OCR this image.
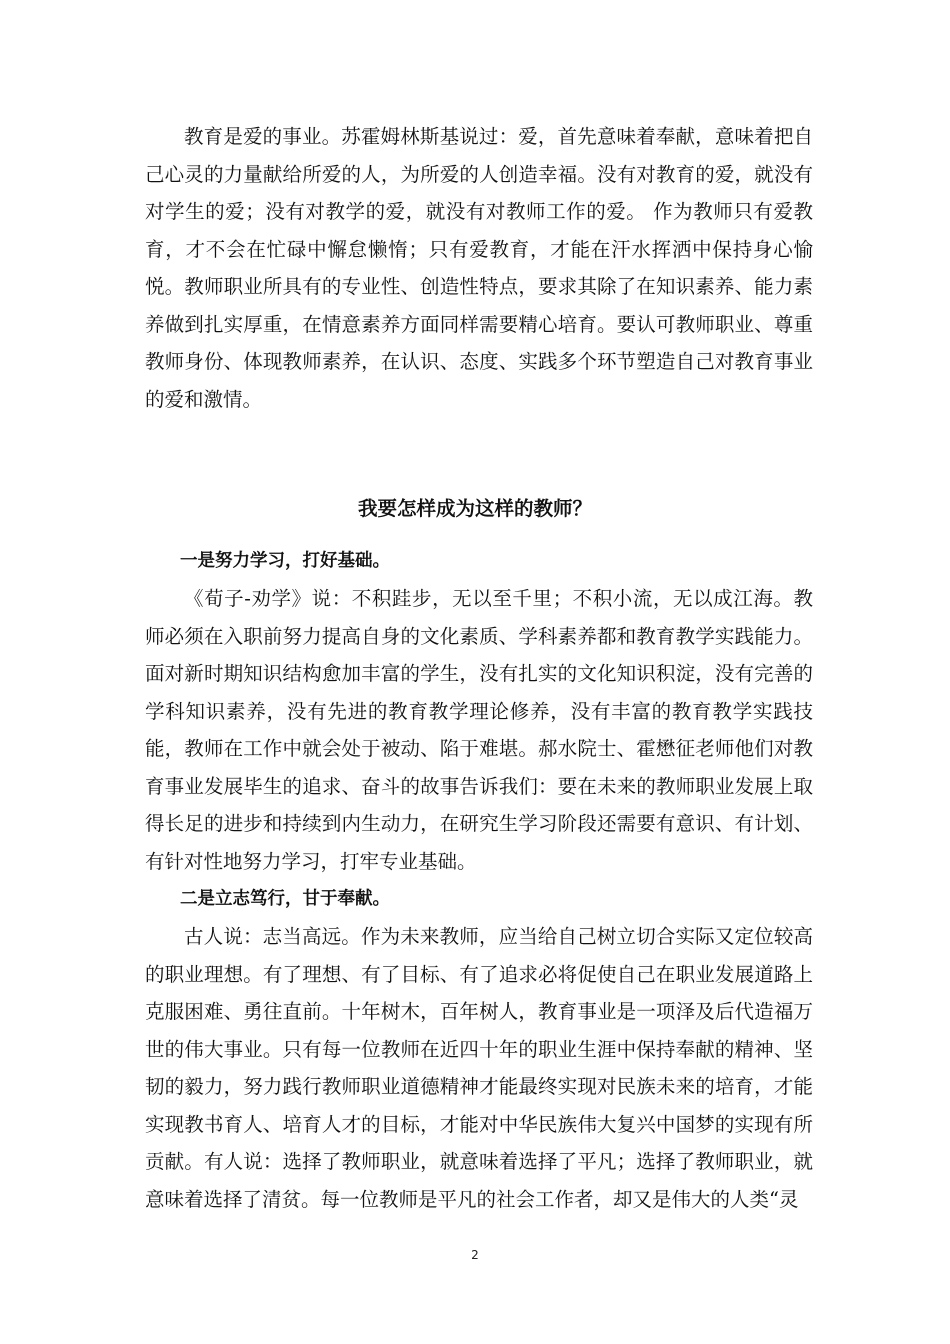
教育是爱的事业。苏霍姆林斯基说过：爱，首先意味着奉献，意味着把自己心灵的力量献给所爱的人，为所爱的人创造幸福。没有对教育的爱，就没有对学生的爱；没有对教学的爱，就没有对教师工作的爱。 作为教师只有爱教育，才不会在忙碌中懈怠懒惰；只有爱教育，才能在汗水挥洒中保持身心愉悦。教师职业所具有的专业性、创造性特点，要求其除了在知识素养、能力素养做到扎实厚重，在情意素养方面同样需要精心培育。要认可教师职业、尊重教师身份、体现教师素养，在认识、态度、实践多个环节塑造自己对教育事业的爱和激情。

我要怎样成为这样的教师？
一是努力学习，打好基础。

《荀子-劝学》说：不积跬步，无以至千里；不积小流，无以成江海。教师必须在入职前努力提高自身的文化素质、学科素养都和教育教学实践能力。面对新时期知识结构愈加丰富的学生，没有扎实的文化知识积淀，没有完善的学科知识素养，没有先进的教育教学理论修养，没有丰富的教育教学实践技能，教师在工作中就会处于被动、陷于难堪。郝水院士、霍懋征老师他们对教育事业发展毕生的追求、奋斗的故事告诉我们：要在未来的教师职业发展上取得长足的进步和持续到内生动力，在研究生学习阶段还需要有意识、有计划、有针对性地努力学习，打牢专业基础。

二是立志笃行，甘于奉献。

古人说：志当高远。作为未来教师，应当给自己树立切合实际又定位较高的职业理想。有了理想、有了目标、有了追求必将促使自己在职业发展道路上克服困难、勇往直前。十年树木，百年树人，教育事业是一项泽及后代造福万世的伟大事业。只有每一位教师在近四十年的职业生涯中保持奉献的精神、坚韧的毅力，努力践行教师职业道德精神才能最终实现对民族未来的培育，才能实现教书育人、培育人才的目标，才能对中华民族伟大复兴中国梦的实现有所贡献。有人说：选择了教师职业，就意味着选择了平凡；选择了教师职业，就意味着选择了清贫。每一位教师是平凡的社会工作者，却又是伟大的人类“灵

2
